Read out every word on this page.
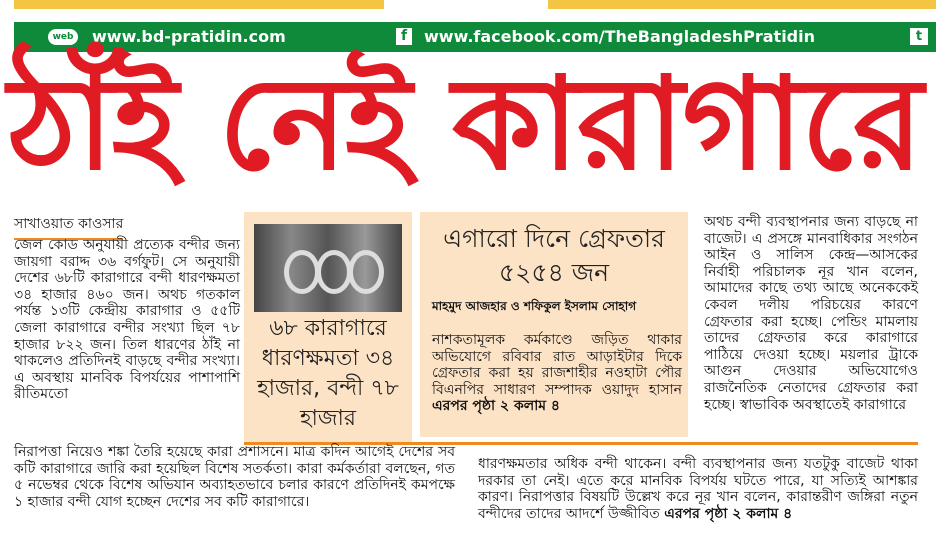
web www.bd-pratidin.com	f	www.facebook.com/TheBangladeshPratidin	t
ঠাঁই নেই কারাগারে
সাখাওয়াত কাওসার

জেল কোড অনুযায়ী প্রত্যেক বন্দীর জন্য জায়গা বরাদ্দ ৩৬ বর্গফুট। সে অনুযায়ী দেশের ৬৮টি কারাগারে বন্দী ধারণক্ষমতা ৩৪ হাজার ৪৬০ জন। অথচ গতকাল পর্যন্ত ১৩টি কেন্দ্রীয় কারাগার ও ৫৫টি জেলা কারাগারে বন্দীর সংখ্যা ছিল ৭৮ হাজার ৮২২ জন। তিল ধারণের ঠাঁই না থাকলেও প্রতিদিনই বাড়ছে বন্দীর সংখ্যা। এ অবস্থায় মানবিক বিপর্যয়ের পাশাপাশি রীতিমতো

৬৮ কারাগারে ধারণক্ষমতা ৩৪ হাজার, বন্দী ৭৮ হাজার
এগারো দিনে গ্রেফতার ৫২৫৪ জন
মাহমুদ আজহার ও শফিকুল ইসলাম সোহাগ
নাশকতামূলক কর্মকাণ্ডে জড়িত থাকার অভিযোগে রবিবার রাত আড়াইটার দিকে গ্রেফতার করা হয় রাজশাহীর নওহাটা পৌর বিএনপির সাধারণ সম্পাদক ওয়াদুদ হাসান এরপর পৃষ্ঠা ২ কলাম ৪

অথচ বন্দী ব্যবস্থাপনার জন্য বাড়ছে না বাজেট। এ প্রসঙ্গে মানবাধিকার সংগঠন আইন ও সালিস কেন্দ্র—আসকের নির্বাহী পরিচালক নূর খান বলেন, আমাদের কাছে তথ্য আছে অনেককেই কেবল দলীয় পরিচয়ের কারণে গ্রেফতার করা হচ্ছে। পেন্ডিং মামলায় তাদের গ্রেফতার করে কারাগারে পাঠিয়ে দেওয়া হচ্ছে। ময়লার ট্রাকে আগুন দেওয়ার অভিযোগেও রাজনৈতিক নেতাদের গ্রেফতার করা হচ্ছে। স্বাভাবিক অবস্থাতেই কারাগারে

নিরাপত্তা নিয়েও শঙ্কা তৈরি হয়েছে কারা প্রশাসনে। মাত্র কদিন আগেই দেশের সব কটি কারাগারে জারি করা হয়েছিল বিশেষ সতর্কতা। কারা কর্মকর্তারা বলছেন, গত ৫ নভেম্বর থেকে বিশেষ অভিযান অব্যাহতভাবে চলার কারণে প্রতিদিনই কমপক্ষে ১ হাজার বন্দী যোগ হচ্ছেন দেশের সব কটি কারাগারে।
ধারণক্ষমতার অধিক বন্দী থাকেন। বন্দী ব্যবস্থাপনার জন্য যতটুকু বাজেট থাকা দরকার তা নেই। এতে করে মানবিক বিপর্যয় ঘটতে পারে, যা সত্যিই আশঙ্কার কারণ। নিরাপত্তার বিষয়টি উল্লেখ করে নূর খান বলেন, কারান্তরীণ জঙ্গিরা নতুন বন্দীদের তাদের আদর্শে উজ্জীবিত এরপর পৃষ্ঠা ২ কলাম ৪
